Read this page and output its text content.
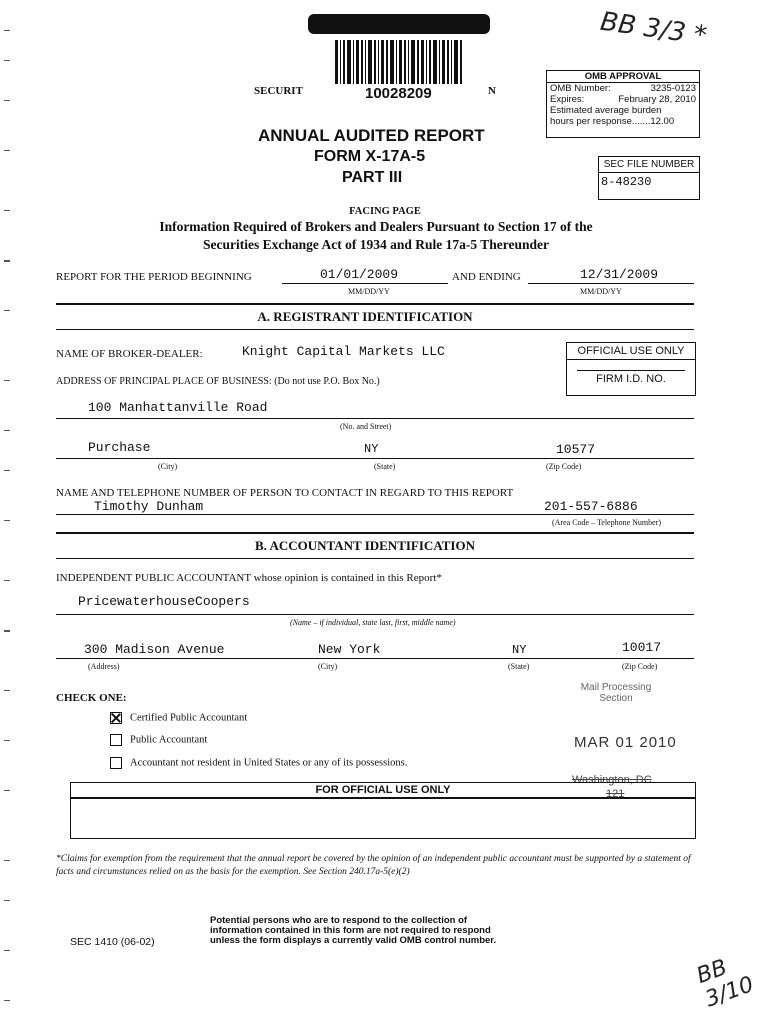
10028209
SECURIT	N
BB 3/3 *
OMB APPROVAL
OMB Number:	3235-0123
Expires:	February 28, 2010
Estimated average burden
hours per response.......12.00
ANNUAL AUDITED REPORT
FORM X-17A-5
PART III
SEC FILE NUMBER
8-48230
FACING PAGE
Information Required of Brokers and Dealers Pursuant to Section 17 of the
Securities Exchange Act of 1934 and Rule 17a-5 Thereunder
REPORT FOR THE PERIOD BEGINNING	01/01/2009
MM/DD/YY
AND ENDING	12/31/2009
MM/DD/YY
A. REGISTRANT IDENTIFICATION
NAME OF BROKER-DEALER:	Knight Capital Markets LLC	OFFICIAL USE ONLY
FIRM I.D. NO.
ADDRESS OF PRINCIPAL PLACE OF BUSINESS: (Do not use P.O. Box No.)
100 Manhattanville Road
(No. and Street)
Purchase	NY	10577
(City)	(State)	(Zip Code)
NAME AND TELEPHONE NUMBER OF PERSON TO CONTACT IN REGARD TO THIS REPORT
Timothy Dunham	201-557-6886
(Area Code – Telephone Number)
B. ACCOUNTANT IDENTIFICATION
INDEPENDENT PUBLIC ACCOUNTANT whose opinion is contained in this Report*
PricewaterhouseCoopers
(Name – if individual, state last, first, middle name)
300 Madison Avenue	New York	NY	10017
(Address)	(City)	(State)	(Zip Code)
CHECK ONE:
Certified Public Accountant
Public Accountant
Accountant not resident in United States or any of its possessions.
Mail Processing
Section
MAR 01 2010
Washington, DC
121
FOR OFFICIAL USE ONLY
*Claims for exemption from the requirement that the annual report be covered by the opinion of an independent public accountant must be supported by a statement of facts and circumstances relied on as the basis for the exemption. See Section 240.17a-5(e)(2)
SEC 1410 (06-02)
Potential persons who are to respond to the collection of
information contained in this form are not required to respond
unless the form displays a currently valid OMB control number.
BB 3/10
